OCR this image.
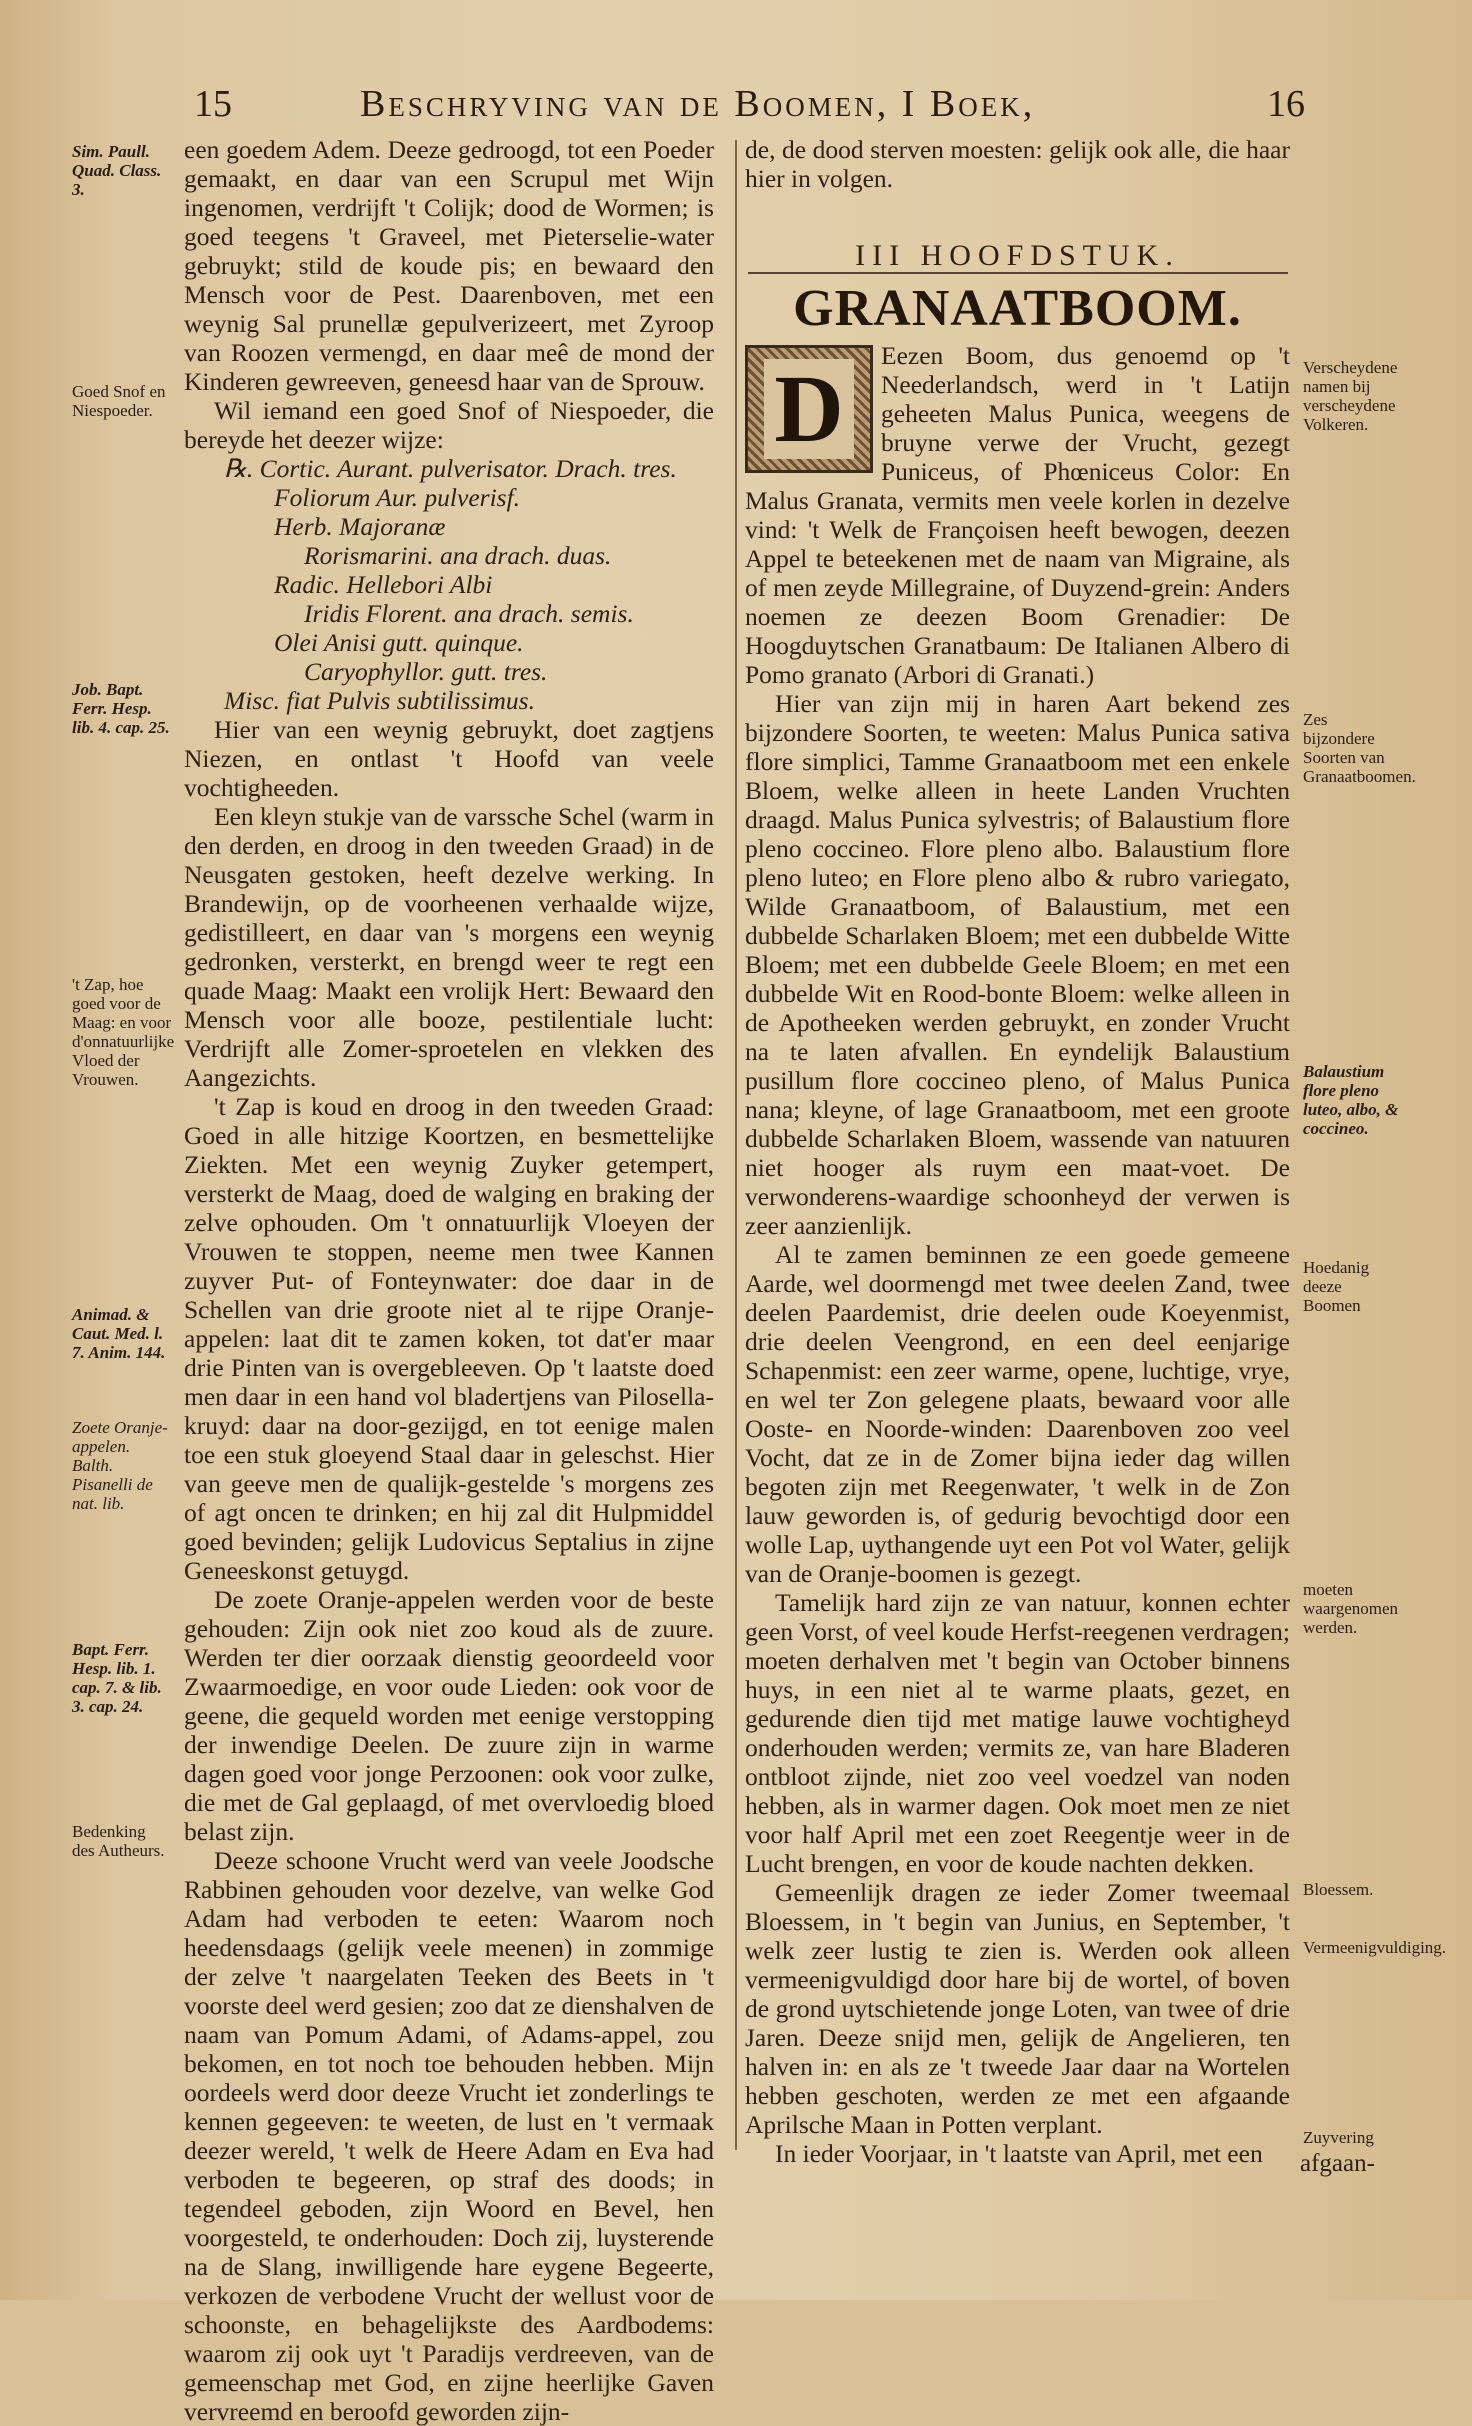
15	Beschryving van de Boomen, I Boek,	16
Sim. Paull. Quad. Class. 3.
Goed Snof en Niespoeder.
Job. Bapt. Ferr. Hesp. lib. 4. cap. 25.
't Zap, hoe goed voor de Maag: en voor d'onnatuurlijke Vloed der Vrouwen.
Animad. & Caut. Med. l. 7. Anim. 144.
Zoete Oranje-appelen. Balth. Pisanelli de nat. lib.
Bapt. Ferr. Hesp. lib. 1. cap. 7. & lib. 3. cap. 24.
Bedenking des Autheurs.

een goedem Adem. Deeze gedroogd, tot een Poeder gemaakt, en daar van een Scrupul met Wijn ingenomen, verdrijft 't Colijk; dood de Wormen; is goed teegens 't Graveel, met Pieterselie-water gebruykt; stild de koude pis; en bewaard den Mensch voor de Pest. Daarenboven, met een weynig Sal prunellæ gepulverizeert, met Zyroop van Roozen vermengd, en daar meê de mond der Kinderen gewreeven, geneesd haar van de Sprouw.

Wil iemand een goed Snof of Niespoeder, die bereyde het deezer wijze:

℞. Cortic. Aurant. pulverisator. Drach. tres.
Foliorum Aur. pulverisf.
Herb. Majoranæ
Rorismarini. ana drach. duas.
Radic. Hellebori Albi
Iridis Florent. ana drach. semis.
Olei Anisi gutt. quinque.
Caryophyllor. gutt. tres.
Misc. fiat Pulvis subtilissimus.

Hier van een weynig gebruykt, doet zagtjens Niezen, en ontlast 't Hoofd van veele vochtigheeden.

Een kleyn stukje van de varssche Schel (warm in den derden, en droog in den tweeden Graad) in de Neusgaten gestoken, heeft dezelve werking. In Brandewijn, op de voorheenen verhaalde wijze, gedistilleert, en daar van 's morgens een weynig gedronken, versterkt, en brengd weer te regt een quade Maag: Maakt een vrolijk Hert: Bewaard den Mensch voor alle booze, pestilentiale lucht: Verdrijft alle Zomer-sproetelen en vlekken des Aangezichts.

't Zap is koud en droog in den tweeden Graad: Goed in alle hitzige Koortzen, en besmettelijke Ziekten. Met een weynig Zuyker getempert, versterkt de Maag, doed de walging en braking der zelve ophouden. Om 't onnatuurlijk Vloeyen der Vrouwen te stoppen, neeme men twee Kannen zuyver Put- of Fonteynwater: doe daar in de Schellen van drie groote niet al te rijpe Oranje-appelen: laat dit te zamen koken, tot dat'er maar drie Pinten van is overgebleeven. Op 't laatste doed men daar in een hand vol bladertjens van Pilosella-kruyd: daar na door-gezijgd, en tot eenige malen toe een stuk gloeyend Staal daar in geleschst. Hier van geeve men de qualijk-gestelde 's morgens zes of agt oncen te drinken; en hij zal dit Hulpmiddel goed bevinden; gelijk Ludovicus Septalius in zijne Geneeskonst getuygd.

De zoete Oranje-appelen werden voor de beste gehouden: Zijn ook niet zoo koud als de zuure. Werden ter dier oorzaak dienstig geoordeeld voor Zwaarmoedige, en voor oude Lieden: ook voor de geene, die gequeld worden met eenige verstopping der inwendige Deelen. De zuure zijn in warme dagen goed voor jonge Perzoonen: ook voor zulke, die met de Gal geplaagd, of met overvloedig bloed belast zijn.

Deeze schoone Vrucht werd van veele Joodsche Rabbinen gehouden voor dezelve, van welke God Adam had verboden te eeten: Waarom noch heedensdaags (gelijk veele meenen) in zommige der zelve 't naargelaten Teeken des Beets in 't voorste deel werd gesien; zoo dat ze dienshalven de naam van Pomum Adami, of Adams-appel, zou bekomen, en tot noch toe behouden hebben. Mijn oordeels werd door deeze Vrucht iet zonderlings te kennen gegeeven: te weeten, de lust en 't vermaak deezer wereld, 't welk de Heere Adam en Eva had verboden te begeeren, op straf des doods; in tegendeel geboden, zijn Woord en Bevel, hen voorgesteld, te onderhouden: Doch zij, luysterende na de Slang, inwilligende hare eygene Begeerte, verkozen de verbodene Vrucht der wellust voor de schoonste, en behagelijkste des Aardbodems: waarom zij ook uyt 't Paradijs verdreeven, van de gemeenschap met God, en zijne heerlijke Gaven vervreemd en beroofd geworden zijn-

de, de dood sterven moesten: gelijk ook alle, die haar hier in volgen.

III HOOFDSTUK.
GRANAATBOOM.
D	Eezen Boom, dus genoemd op 't Neederlandsch, werd in 't Latijn geheeten Malus Punica, weegens de bruyne verwe der Vrucht, gezegt Puniceus, of Phœniceus Color: En Malus Granata, vermits men veele korlen in dezelve vind: 't Welk de Françoisen heeft bewogen, deezen Appel te beteekenen met de naam van Migraine, als of men zeyde Millegraine, of Duyzend-grein: Anders noemen ze deezen Boom Grenadier: De Hoogduytschen Granatbaum: De Italianen Albero di Pomo granato (Arbori di Granati.)

Hier van zijn mij in haren Aart bekend zes bijzondere Soorten, te weeten: Malus Punica sativa flore simplici, Tamme Granaatboom met een enkele Bloem, welke alleen in heete Landen Vruchten draagd. Malus Punica sylvestris; of Balaustium flore pleno coccineo. Flore pleno albo. Balaustium flore pleno luteo; en Flore pleno albo & rubro variegato, Wilde Granaatboom, of Balaustium, met een dubbelde Scharlaken Bloem; met een dubbelde Witte Bloem; met een dubbelde Geele Bloem; en met een dubbelde Wit en Rood-bonte Bloem: welke alleen in de Apotheeken werden gebruykt, en zonder Vrucht na te laten afvallen. En eyndelijk Balaustium pusillum flore coccineo pleno, of Malus Punica nana; kleyne, of lage Granaatboom, met een groote dubbelde Scharlaken Bloem, wassende van natuuren niet hooger als ruym een maat-voet. De verwonderens-waardige schoonheyd der verwen is zeer aanzienlijk.

Al te zamen beminnen ze een goede gemeene Aarde, wel doormengd met twee deelen Zand, twee deelen Paardemist, drie deelen oude Koeyenmist, drie deelen Veengrond, en een deel eenjarige Schapenmist: een zeer warme, opene, luchtige, vrye, en wel ter Zon gelegene plaats, bewaard voor alle Ooste- en Noorde-winden: Daarenboven zoo veel Vocht, dat ze in de Zomer bijna ieder dag willen begoten zijn met Reegenwater, 't welk in de Zon lauw geworden is, of gedurig bevochtigd door een wolle Lap, uythangende uyt een Pot vol Water, gelijk van de Oranje-boomen is gezegt.

Tamelijk hard zijn ze van natuur, konnen echter geen Vorst, of veel koude Herfst-reegenen verdragen; moeten derhalven met 't begin van October binnens huys, in een niet al te warme plaats, gezet, en gedurende dien tijd met matige lauwe vochtigheyd onderhouden werden; vermits ze, van hare Bladeren ontbloot zijnde, niet zoo veel voedzel van noden hebben, als in warmer dagen. Ook moet men ze niet voor half April met een zoet Reegentje weer in de Lucht brengen, en voor de koude nachten dekken.

Gemeenlijk dragen ze ieder Zomer tweemaal Bloessem, in 't begin van Junius, en September, 't welk zeer lustig te zien is. Werden ook alleen vermeenigvuldigd door hare bij de wortel, of boven de grond uytschietende jonge Loten, van twee of drie Jaren. Deeze snijd men, gelijk de Angelieren, ten halven in: en als ze 't tweede Jaar daar na Wortelen hebben geschoten, werden ze met een afgaande Aprilsche Maan in Potten verplant.

In ieder Voorjaar, in 't laatste van April, met een

Verscheydene namen bij verscheydene Volkeren.
Zes bijzondere Soorten van Granaatboomen.
Balaustium flore pleno luteo, albo, & coccineo.
Hoedanig deeze Boomen
moeten waargenomen werden.
Bloessem.
Vermeenigvuldiging.
Zuyvering
afgaan-
